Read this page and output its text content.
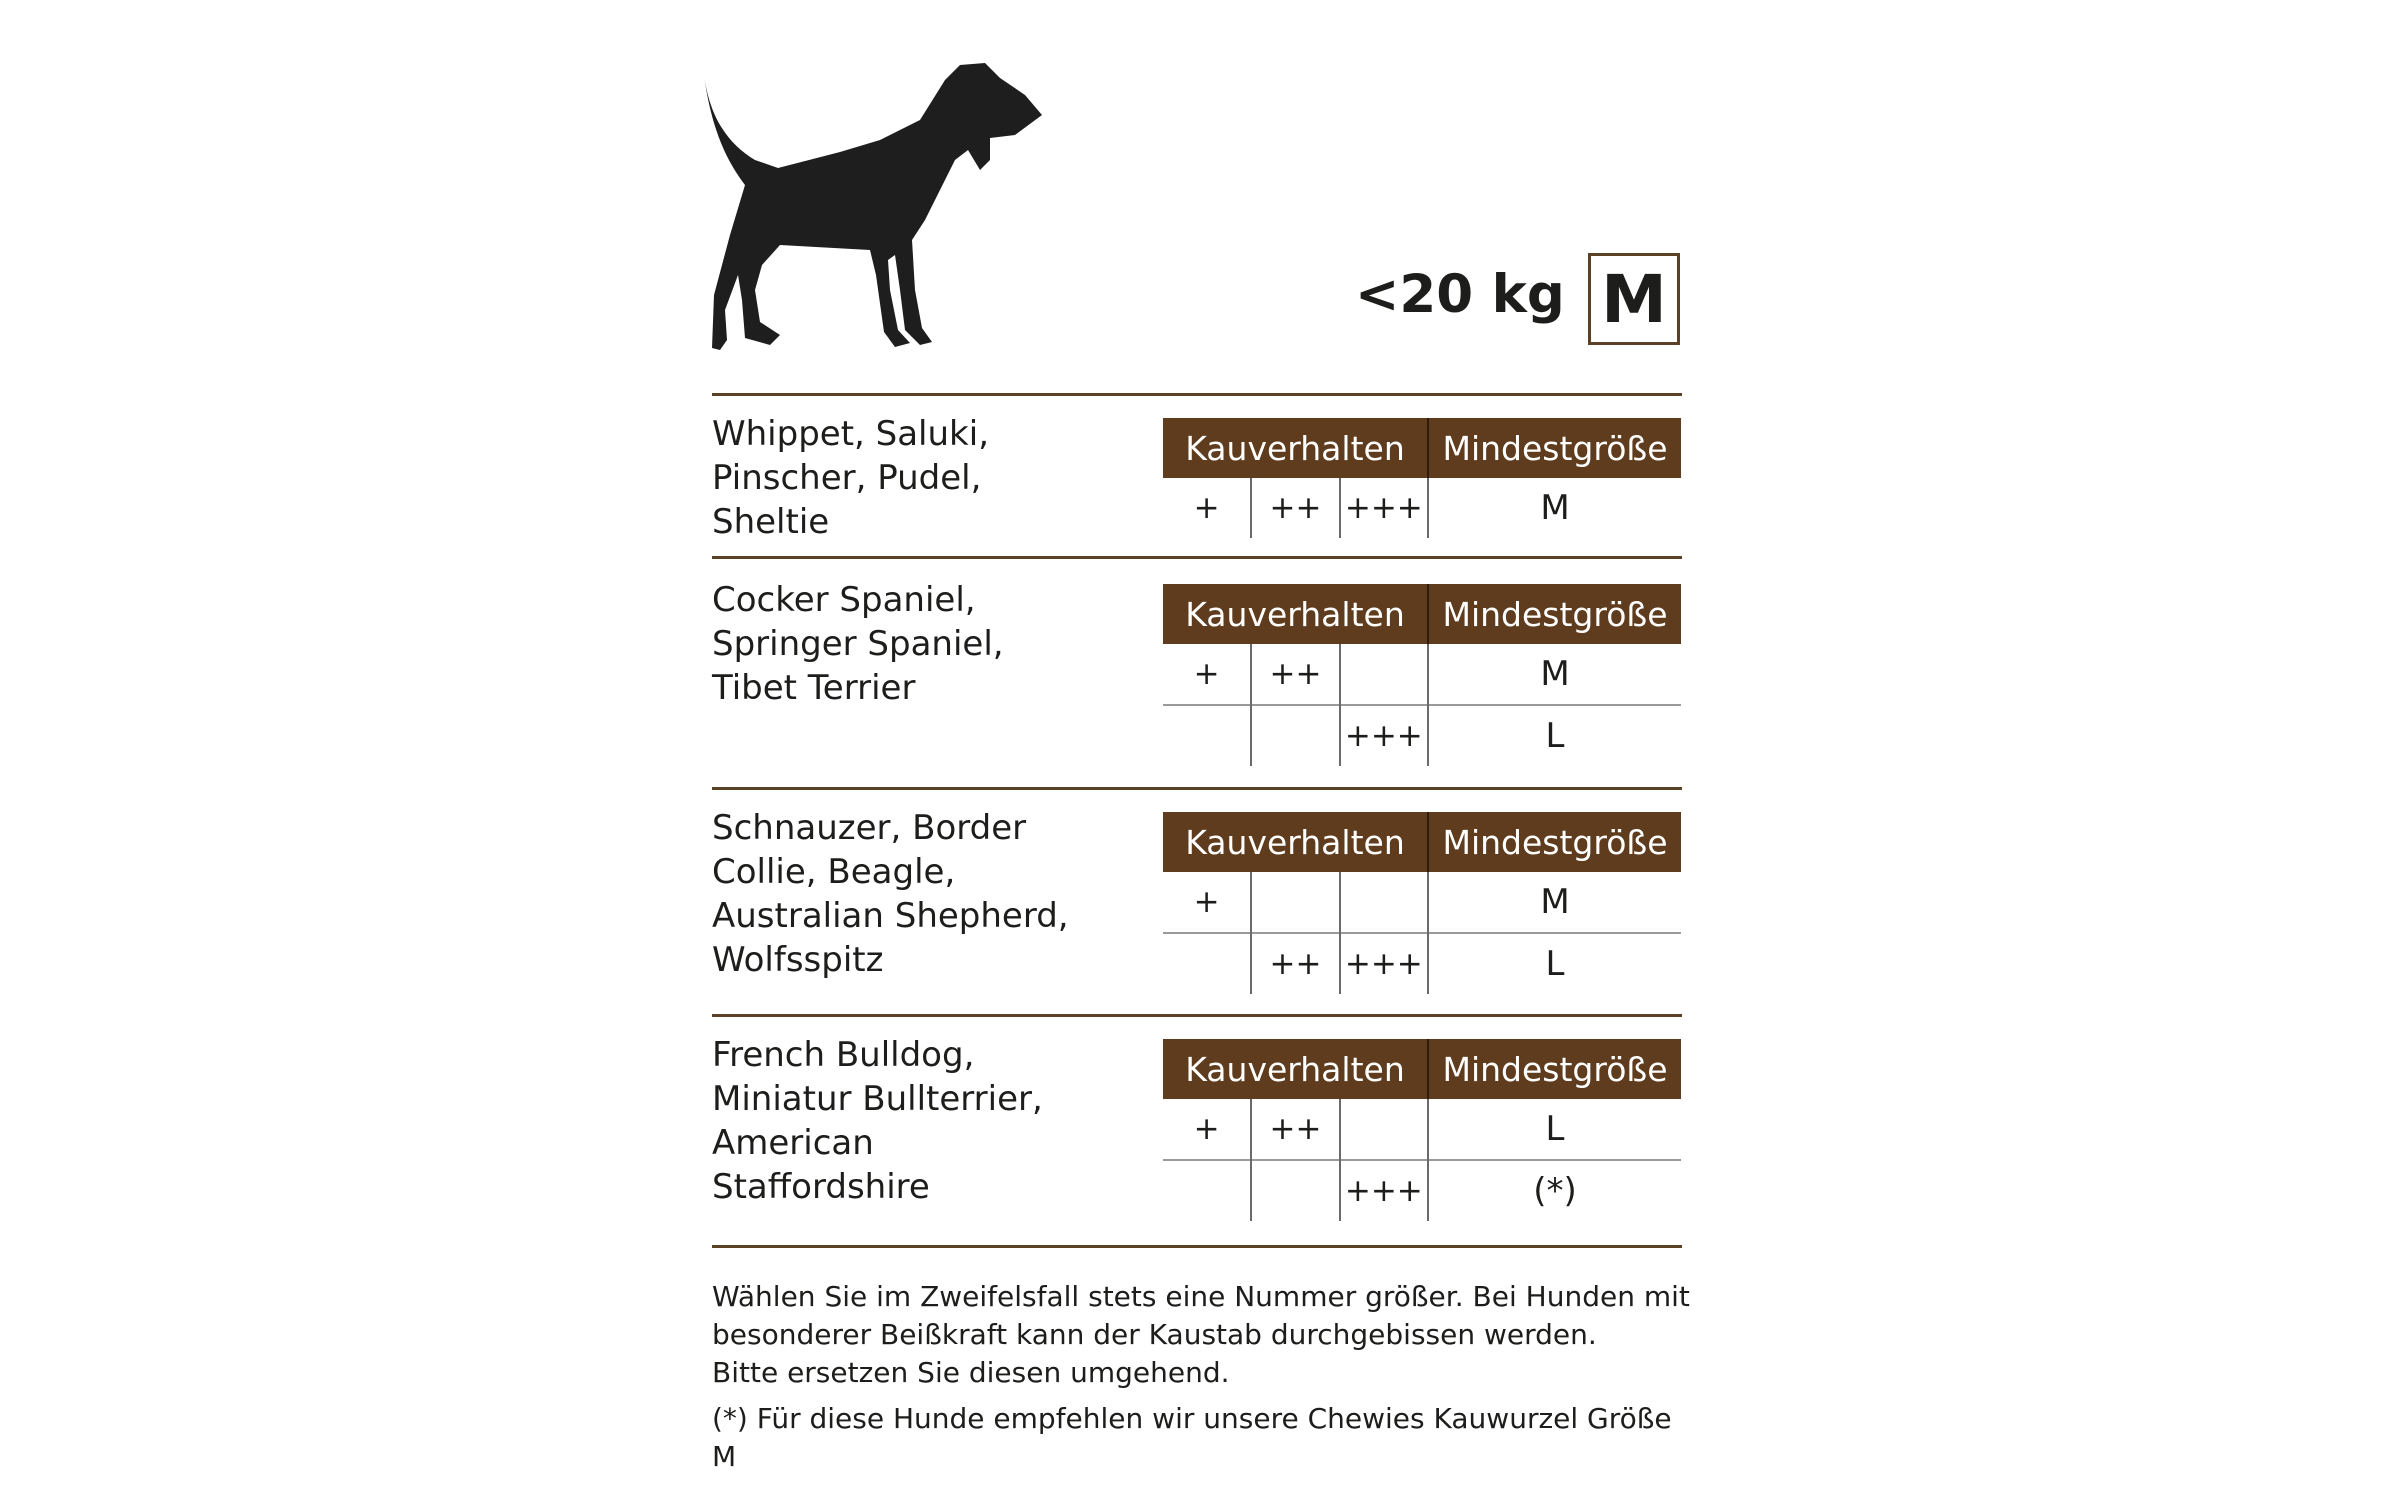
<20 kg M
Whippet, Saluki,
Pinscher, Pudel,
Sheltie
Kauverhalten			Mindestgröße
+	++	+++	M
Cocker Spaniel,
Springer Spaniel,
Tibet Terrier
Kauverhalten			Mindestgröße
+	++		M
		+++	L
Schnauzer, Border
Collie, Beagle,
Australian Shepherd,
Wolfsspitz
Kauverhalten			Mindestgröße
+			M
	++	+++	L
French Bulldog,
Miniatur Bullterrier,
American
Staffordshire
Kauverhalten			Mindestgröße
+	++		L
		+++	(*)
Wählen Sie im Zweifelsfall stets eine Nummer größer. Bei Hunden mit
besonderer Beißkraft kann der Kaustab durchgebissen werden.
Bitte ersetzen Sie diesen umgehend.
(*) Für diese Hunde empfehlen wir unsere Chewies Kauwurzel Größe M
